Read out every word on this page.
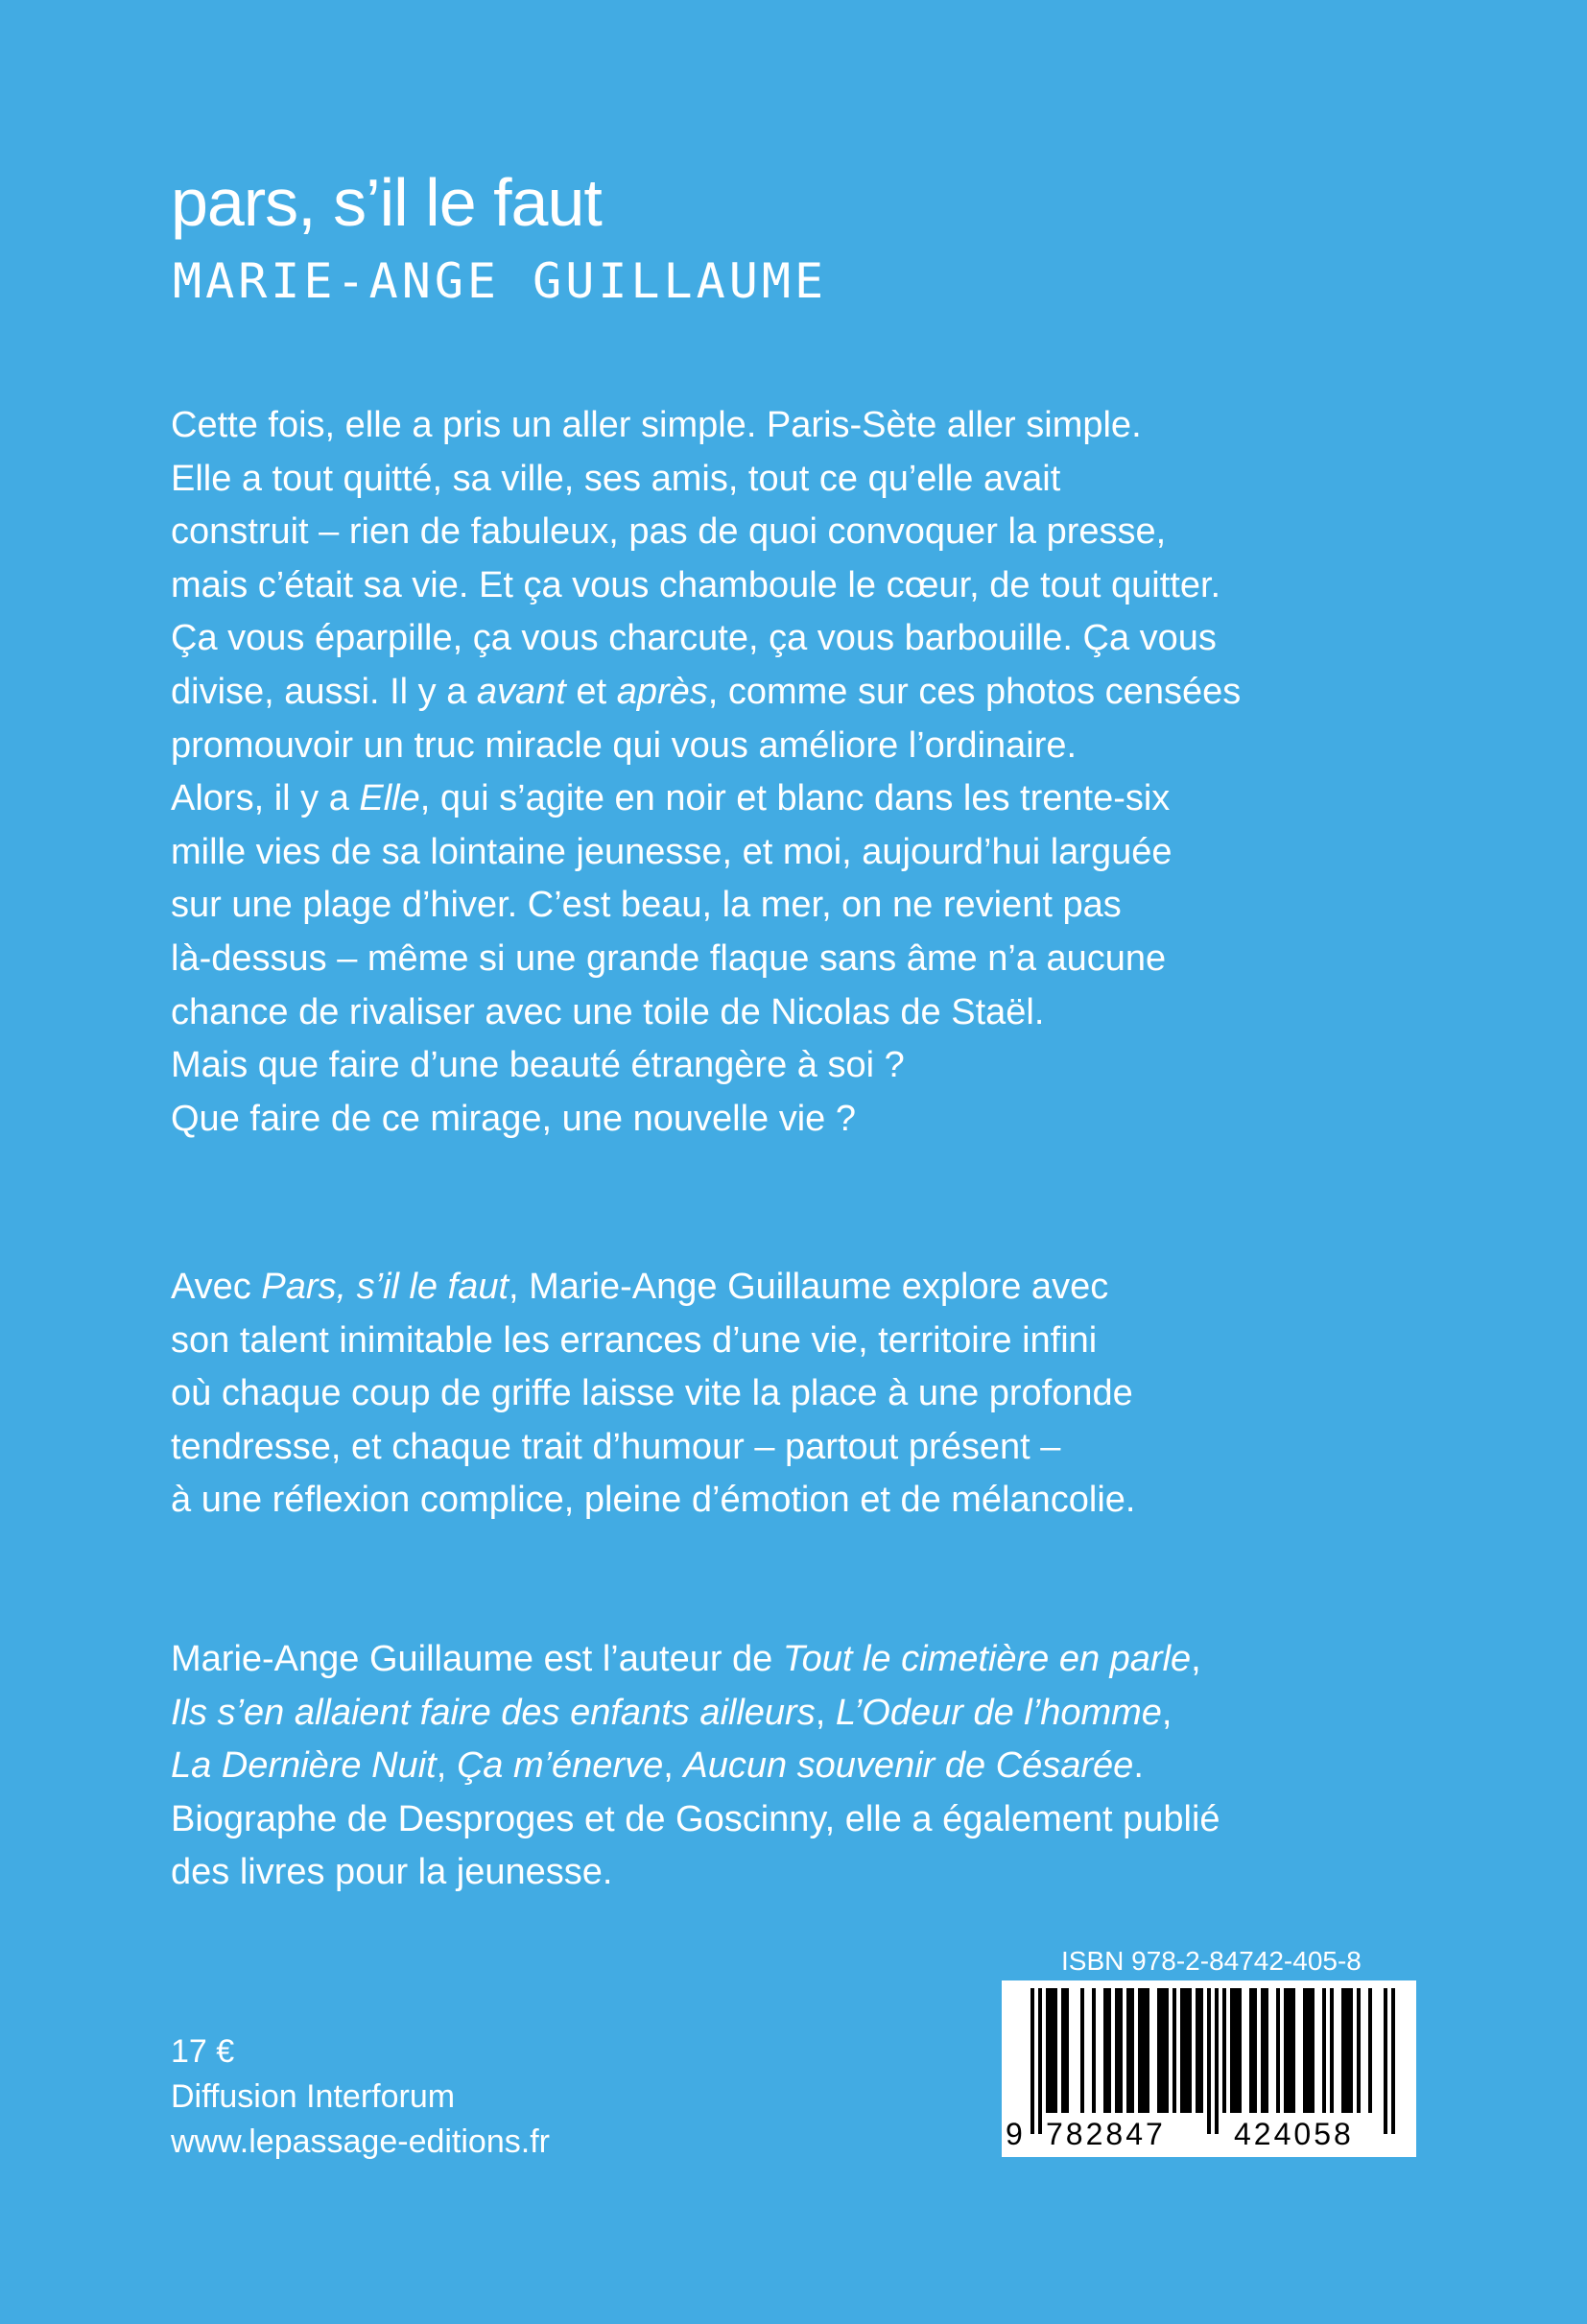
pars, s’il le faut
MARIE-ANGE GUILLAUME
Cette fois, elle a pris un aller simple. Paris-Sète aller simple.
Elle a tout quitté, sa ville, ses amis, tout ce qu’elle avait
construit – rien de fabuleux, pas de quoi convoquer la presse,
mais c’était sa vie. Et ça vous chamboule le cœur, de tout quitter.
Ça vous éparpille, ça vous charcute, ça vous barbouille. Ça vous
divise, aussi. Il y a avant et après, comme sur ces photos censées
promouvoir un truc miracle qui vous améliore l’ordinaire.
Alors, il y a Elle, qui s’agite en noir et blanc dans les trente-six
mille vies de sa lointaine jeunesse, et moi, aujourd’hui larguée
sur une plage d’hiver. C’est beau, la mer, on ne revient pas
là-dessus – même si une grande flaque sans âme n’a aucune
chance de rivaliser avec une toile de Nicolas de Staël.
Mais que faire d’une beauté étrangère à soi ?
Que faire de ce mirage, une nouvelle vie ?
Avec Pars, s’il le faut, Marie-Ange Guillaume explore avec
son talent inimitable les errances d’une vie, territoire infini
où chaque coup de griffe laisse vite la place à une profonde
tendresse, et chaque trait d’humour – partout présent –
à une réflexion complice, pleine d’émotion et de mélancolie.
Marie-Ange Guillaume est l’auteur de Tout le cimetière en parle,
Ils s’en allaient faire des enfants ailleurs, L’Odeur de l’homme,
La Dernière Nuit, Ça m’énerve, Aucun souvenir de Césarée.
Biographe de Desproges et de Goscinny, elle a également publié
des livres pour la jeunesse.
17 €
Diffusion Interforum
www.lepassage-editions.fr
ISBN 978-2-84742-405-8
9 782847 424058
